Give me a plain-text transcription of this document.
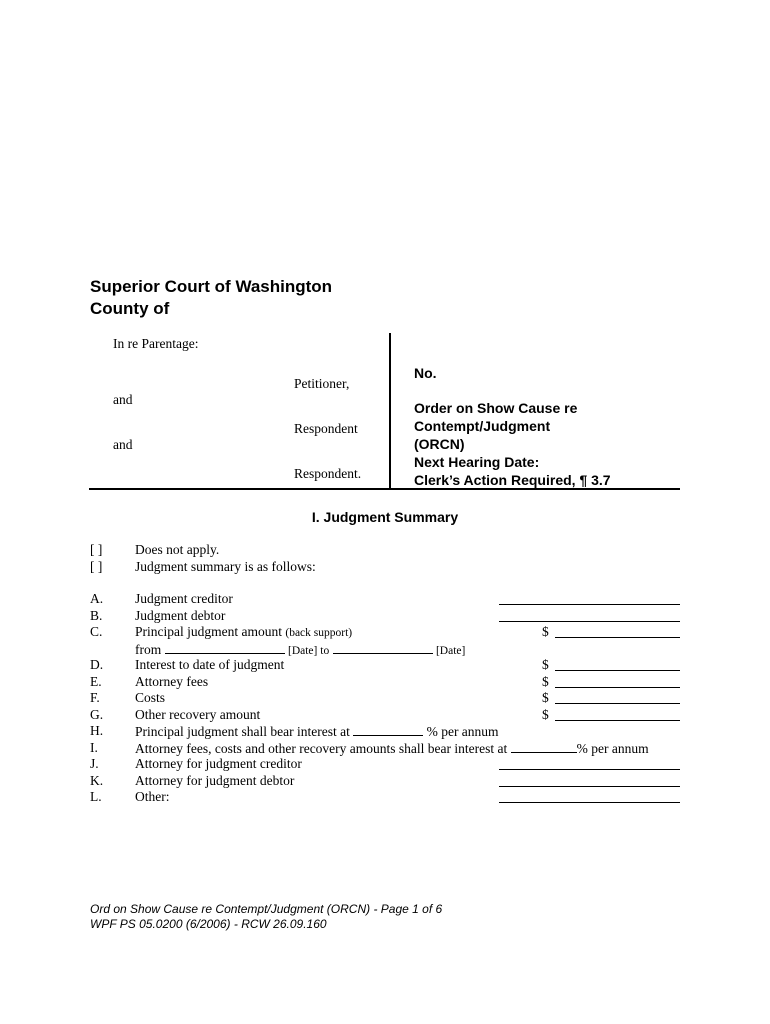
Superior Court of Washington
County of
In re Parentage:
Petitioner,
and
Respondent
and
Respondent.
No.
Order on Show Cause re
Contempt/Judgment
(ORCN)
Next Hearing Date:
Clerk’s Action Required, ¶ 3.7
I. Judgment Summary
[ ] Does not apply.
[ ] Judgment summary is as follows:
A. Judgment creditor
B. Judgment debtor
C. Principal judgment amount (back support)	$
from	[Date] to	[Date]
D. Interest to date of judgment	$
E. Attorney fees	$
F.	Costs	$
G. Other recovery amount	$
H. Principal judgment shall bear interest at	% per annum
I.	Attorney fees, costs and other recovery amounts shall bear interest at	% per annum
J.	Attorney for judgment creditor
K. Attorney for judgment debtor
L. Other:
Ord on Show Cause re Contempt/Judgment (ORCN) - Page 1 of 6
WPF PS 05.0200 (6/2006) - RCW 26.09.160
